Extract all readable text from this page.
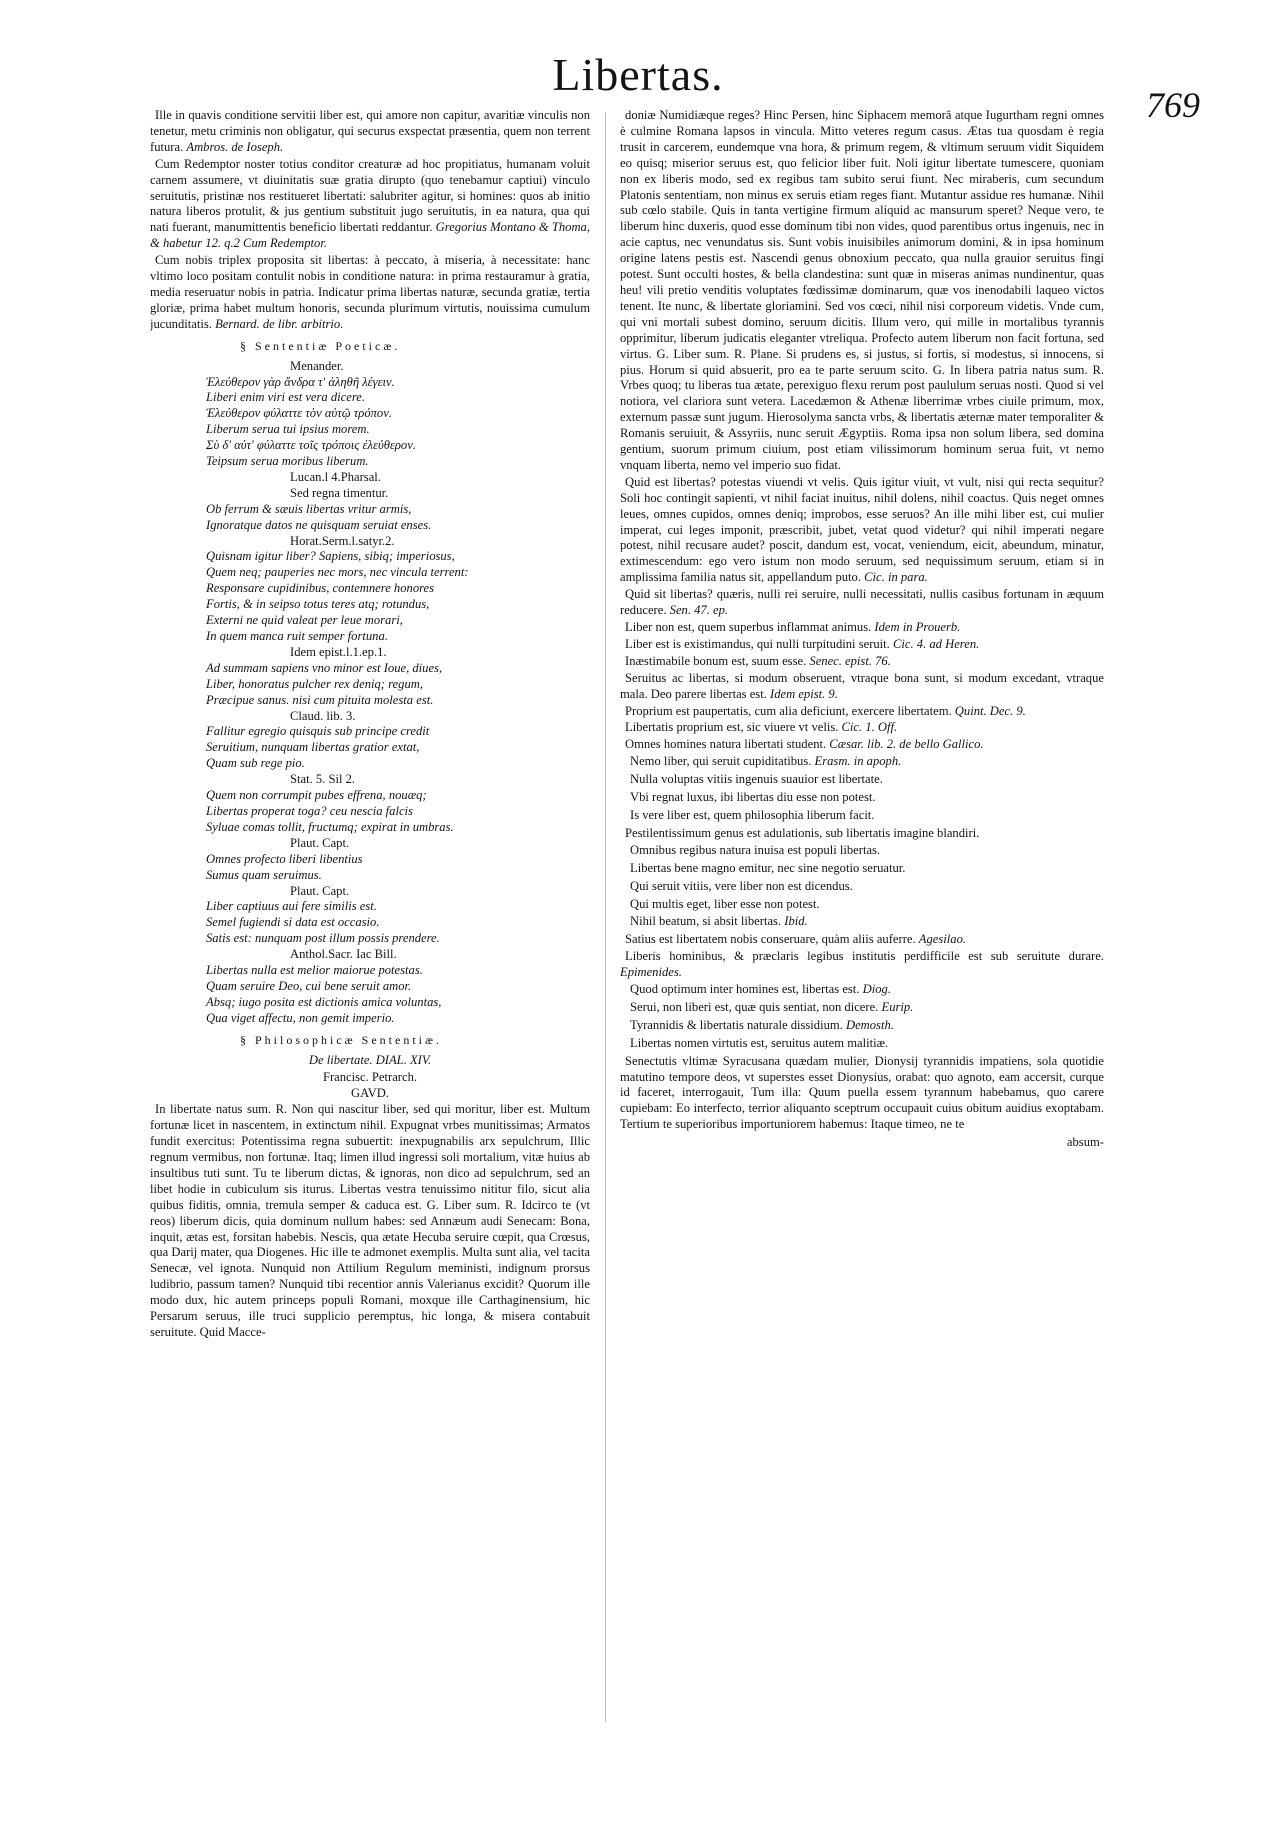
Libertas.
769

Ille in quavis conditione servitii liber est, qui amore non capitur, avaritiæ vinculis non tenetur, metu criminis non obligatur, qui securus exspectat præsentia, quem non terrent futura. Ambros. de Ioseph.

Cum Redemptor noster totius conditor creaturæ ad hoc propitiatus, humanam voluit carnem assumere, vt diuinitatis suæ gratia dirupto (quo tenebamur captiui) vinculo seruitutis, pristinæ nos restitueret libertati: salubriter agitur, si homines: quos ab initio natura liberos protulit, & jus gentium substituit jugo seruitutis, in ea natura, qua qui nati fuerant, manumittentis beneficio libertati reddantur. Gregorius Montano & Thoma, & habetur 12. q.2 Cum Redemptor.

Cum nobis triplex proposita sit libertas: à peccato, à miseria, à necessitate: hanc vltimo loco positam contulit nobis in conditione natura: in prima restauramur à gratia, media reseruatur nobis in patria. Indicatur prima libertas naturæ, secunda gratiæ, tertia gloriæ, prima habet multum honoris, secunda plurimum virtutis, nouissima cumulum jucunditatis. Bernard. de libr. arbitrio.

§ Sententiæ Poeticæ.
Menander.
Ἐλεύθερον γὰρ ἄνδρα τ' ἀληθῆ λέγειν.
Liberi enim viri est vera dicere.
Ἐλεύθερον φύλαττε τὸν αὐτῷ τρόπον.
Liberum serua tui ipsius morem.
Σὺ δ' αὐτ' φύλαττε τοῖς τρόποις ἐλεύθερον.
Teipsum serua moribus liberum.
Lucan.l 4.Pharsal.
Sed regna timentur.
Ob ferrum & sæuis libertas vritur armis,
Ignoratque datos ne quisquam seruiat enses.
Horat.Serm.l.satyr.2.
Quisnam igitur liber? Sapiens, sibiq; imperiosus,
Quem neq; pauperies nec mors, nec vincula terrent:
Responsare cupidinibus, contemnere honores
Fortis, & in seipso totus teres atq; rotundus,
Externi ne quid valeat per leue morari,
In quem manca ruit semper fortuna.
Idem epist.l.1.ep.1.
Ad summam sapiens vno minor est Ioue, diues,
Liber, honoratus pulcher rex deniq; regum,
Præcipue sanus. nisi cum pituita molesta est.
Claud. lib. 3.
Fallitur egregio quisquis sub principe credit
Seruitium, nunquam libertas gratior extat,
Quam sub rege pio.
Stat. 5. Sil 2.
Quem non corrumpit pubes effrena, nouæq;
Libertas properat toga? ceu nescia falcis
Syluae comas tollit, fructumq; expirat in umbras.
Plaut. Capt.
Omnes profecto liberi libentius
Sumus quam seruimus.
Plaut. Capt.
Liber captiuus aui fere similis est.
Semel fugiendi si data est occasio.
Satis est: nunquam post illum possis prendere.
Anthol.Sacr. Iac Bill.
Libertas nulla est melior maiorue potestas.
Quam seruire Deo, cui bene seruit amor.
Absq; iugo posita est dictionis amica voluntas,
Qua viget affectu, non gemit imperio.
§ Philosophicæ Sententiæ.
De libertate. DIAL. XIV.
Francisc. Petrarch.
GAVD.

In libertate natus sum. R. Non qui nascitur liber, sed qui moritur, liber est. Multum fortunæ licet in nascentem, in extinctum nihil. Expugnat vrbes munitissimas; Armatos fundit exercitus: Potentissima regna subuertit: inexpugnabilis arx sepulchrum, Illic regnum vermibus, non fortunæ. Itaq; limen illud ingressi soli mortalium, vitæ huius ab insultibus tuti sunt. Tu te liberum dictas, & ignoras, non dico ad sepulchrum, sed an libet hodie in cubiculum sis iturus. Libertas vestra tenuissimo nititur filo, sicut alia quibus fiditis, omnia, tremula semper & caduca est. G. Liber sum. R. Idcirco te (vt reos) liberum dicis, quia dominum nullum habes: sed Annæum audi Senecam: Bona, inquit, ætas est, forsitan habebis. Nescis, qua ætate Hecuba seruire cœpit, qua Crœsus, qua Darij mater, qua Diogenes. Hic ille te admonet exemplis. Multa sunt alia, vel tacita Senecæ, vel ignota. Nunquid non Attilium Regulum meministi, indignum prorsus ludibrio, passum tamen? Nunquid tibi recentior annis Valerianus excidit? Quorum ille modo dux, hic autem princeps populi Romani, moxque ille Carthaginensium, hic Persarum seruus, ille truci supplicio peremptus, hic longa, & misera contabuit seruitute. Quid Macce-

doniæ Numidiæque reges? Hinc Persen, hinc Siphacem memorâ atque Iugurtham regni omnes è culmine Romana lapsos in vincula. Mitto veteres regum casus. Ætas tua quosdam è regia trusit in carcerem, eundemque vna hora, & primum regem, & vltimum seruum vidit Siquidem eo quisq; miserior seruus est, quo felicior liber fuit. Noli igitur libertate tumescere, quoniam non ex liberis modo, sed ex regibus tam subito serui fiunt. Nec miraberis, cum secundum Platonis sententiam, non minus ex seruis etiam reges fiant. Mutantur assidue res humanæ. Nihil sub cœlo stabile. Quis in tanta vertigine firmum aliquid ac mansurum speret? Neque vero, te liberum hinc duxeris, quod esse dominum tibi non vides, quod parentibus ortus ingenuis, nec in acie captus, nec venundatus sis. Sunt vobis inuisibiles animorum domini, & in ipsa hominum origine latens pestis est. Nascendi genus obnoxium peccato, qua nulla grauior seruitus fingi potest. Sunt occulti hostes, & bella clandestina: sunt quæ in miseras animas nundinentur, quas heu! vili pretio venditis voluptates fœdissimæ dominarum, quæ vos inenodabili laqueo victos tenent. Ite nunc, & libertate gloriamini. Sed vos cœci, nihil nisi corporeum videtis. Vnde cum, qui vni mortali subest domino, seruum dicitis. Illum vero, qui mille in mortalibus tyrannis opprimitur, liberum judicatis eleganter vtreliqua. Profecto autem liberum non facit fortuna, sed virtus. G. Liber sum. R. Plane. Si prudens es, si justus, si fortis, si modestus, si innocens, si pius. Horum si quid absuerit, pro ea te parte seruum scito. G. In libera patria natus sum. R. Vrbes quoq; tu liberas tua ætate, perexiguo flexu rerum post paululum seruas nosti. Quod si vel notiora, vel clariora sunt vetera. Lacedæmon & Athenæ liberrimæ vrbes ciuile primum, mox, externum passæ sunt jugum. Hierosolyma sancta vrbs, & libertatis æternæ mater temporaliter & Romanis seruiuit, & Assyriis, nunc seruit Ægyptiis. Roma ipsa non solum libera, sed domina gentium, suorum primum ciuium, post etiam vilissimorum hominum serua fuit, vt nemo vnquam liberta, nemo vel imperio suo fidat.

Quid est libertas? potestas viuendi vt velis. Quis igitur viuit, vt vult, nisi qui recta sequitur? Soli hoc contingit sapienti, vt nihil faciat inuitus, nihil dolens, nihil coactus. Quis neget omnes leues, omnes cupidos, omnes deniq; improbos, esse seruos? An ille mihi liber est, cui mulier imperat, cui leges imponit, præscribit, jubet, vetat quod videtur? qui nihil imperati negare potest, nihil recusare audet? poscit, dandum est, vocat, veniendum, eicit, abeundum, minatur, extimescendum: ego vero istum non modo seruum, sed nequissimum seruum, etiam si in amplissima familia natus sit, appellandum puto. Cic. in para.

Quid sit libertas? quæris, nulli rei seruire, nulli necessitati, nullis casibus fortunam in æquum reducere. Sen. 47. ep.

Liber non est, quem superbus inflammat animus. Idem in Prouerb.

Liber est is existimandus, qui nulli turpitudini seruit. Cic. 4. ad Heren.

Inæstimabile bonum est, suum esse. Senec. epist. 76.

Seruitus ac libertas, si modum obseruent, vtraque bona sunt, si modum excedant, vtraque mala. Deo parere libertas est. Idem epist. 9.

Proprium est paupertatis, cum alia deficiunt, exercere libertatem. Quint. Dec. 9.

Libertatis proprium est, sic viuere vt velis. Cic. 1. Off.

Omnes homines natura libertati student. Cæsar. lib. 2. de bello Gallico.

Nemo liber, qui seruit cupiditatibus. Erasm. in apoph.

Nulla voluptas vitiis ingenuis suauior est libertate.

Vbi regnat luxus, ibi libertas diu esse non potest.

Is vere liber est, quem philosophia liberum facit.

Pestilentissimum genus est adulationis, sub libertatis imagine blandiri.

Omnibus regibus natura inuisa est populi libertas.

Libertas bene magno emitur, nec sine negotio seruatur.

Qui seruit vitiis, vere liber non est dicendus.

Qui multis eget, liber esse non potest.

Nihil beatum, si absit libertas. Ibid.

Satius est libertatem nobis conseruare, quàm aliis auferre. Agesilao.

Liberis hominibus, & præclaris legibus institutis perdifficile est sub seruitute durare. Epimenides.

Quod optimum inter homines est, libertas est. Diog.

Serui, non liberi est, quæ quis sentiat, non dicere. Eurip.

Tyrannidis & libertatis naturale dissidium. Demosth.

Libertas nomen virtutis est, seruitus autem malitiæ.

Senectutis vltimæ Syracusana quædam mulier, Dionysij tyrannidis impatiens, sola quotidie matutino tempore deos, vt superstes esset Dionysius, orabat: quo agnoto, eam accersit, curque id faceret, interrogauit, Tum illa: Quum puella essem tyrannum habebamus, quo carere cupiebam: Eo interfecto, terrior aliquanto sceptrum occupauit cuius obitum auidius exoptabam. Tertium te superioribus importuniorem habemus: Itaque timeo, ne te

absum-
